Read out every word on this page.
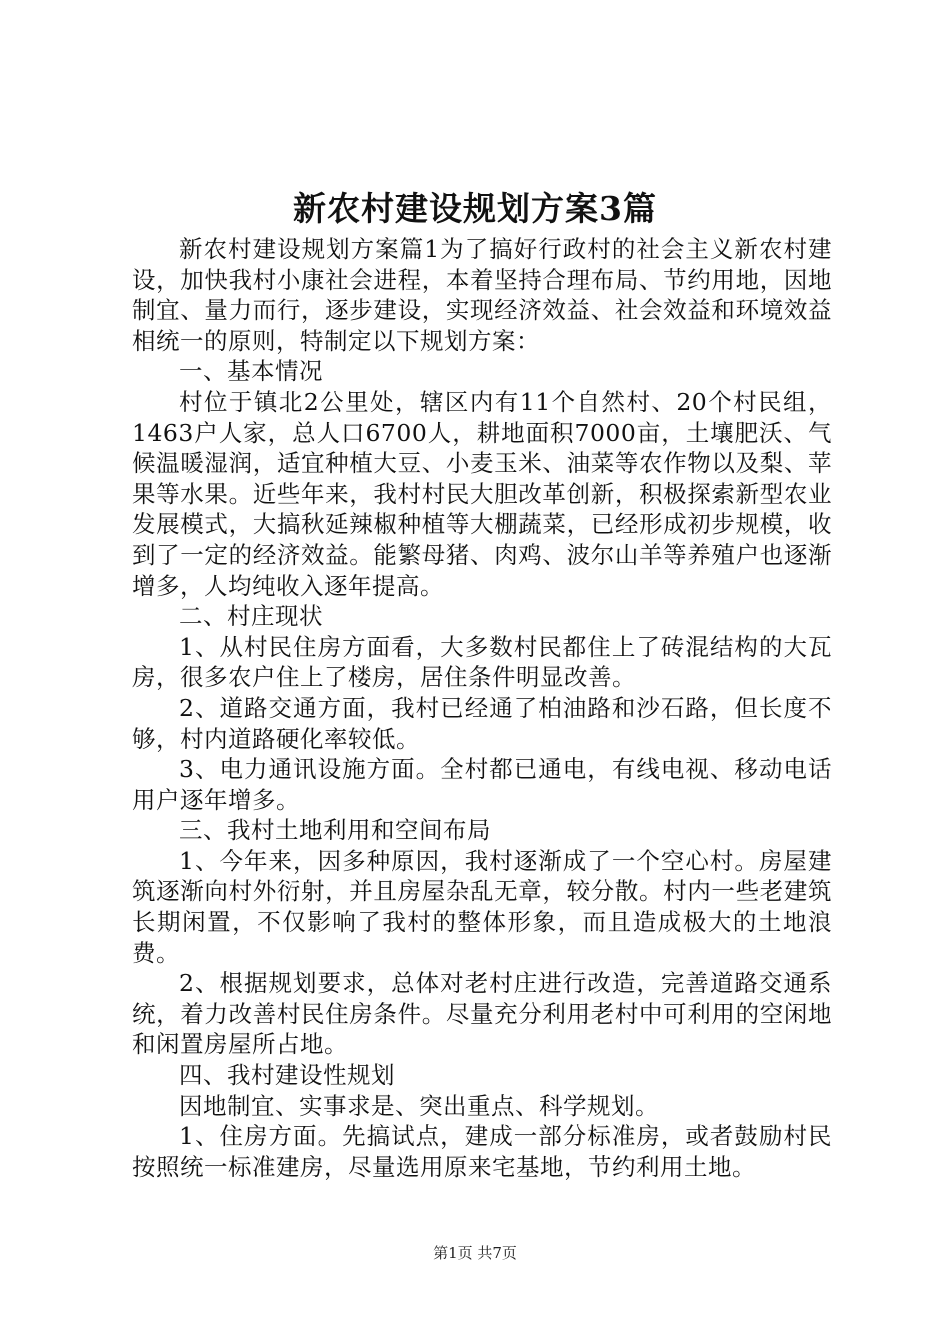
新农村建设规划方案3篇

新农村建设规划方案篇1为了搞好行政村的社会主义新农村建设，加快我村小康社会进程，本着坚持合理布局、节约用地，因地制宜、量力而行，逐步建设，实现经济效益、社会效益和环境效益相统一的原则，特制定以下规划方案：

一、基本情况

村位于镇北2公里处，辖区内有11个自然村、20个村民组，1463户人家，总人口6700人，耕地面积7000亩，土壤肥沃、气候温暖湿润，适宜种植大豆、小麦玉米、油菜等农作物以及梨、苹果等水果。近些年来，我村村民大胆改革创新，积极探索新型农业发展模式，大搞秋延辣椒种植等大棚蔬菜，已经形成初步规模，收到了一定的经济效益。能繁母猪、肉鸡、波尔山羊等养殖户也逐渐增多，人均纯收入逐年提高。

二、村庄现状

1、从村民住房方面看，大多数村民都住上了砖混结构的大瓦房，很多农户住上了楼房，居住条件明显改善。

2、道路交通方面，我村已经通了柏油路和沙石路，但长度不够，村内道路硬化率较低。

3、电力通讯设施方面。全村都已通电，有线电视、移动电话用户逐年增多。

三、我村土地利用和空间布局

1、今年来，因多种原因，我村逐渐成了一个空心村。房屋建筑逐渐向村外衍射，并且房屋杂乱无章，较分散。村内一些老建筑长期闲置，不仅影响了我村的整体形象，而且造成极大的土地浪费。

2、根据规划要求，总体对老村庄进行改造，完善道路交通系统，着力改善村民住房条件。尽量充分利用老村中可利用的空闲地和闲置房屋所占地。

四、我村建设性规划

因地制宜、实事求是、突出重点、科学规划。

1、住房方面。先搞试点，建成一部分标准房，或者鼓励村民按照统一标准建房，尽量选用原来宅基地，节约利用土地。

第1页 共7页
